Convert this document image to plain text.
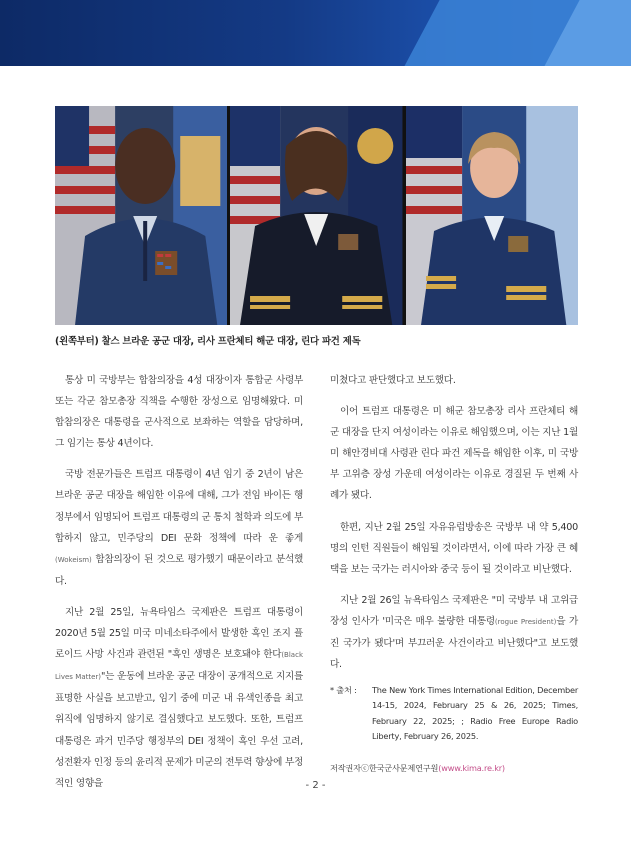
(왼쪽부터) 찰스 브라운 공군 대장, 리사 프란체티 해군 대장, 린다 파건 제독

통상 미 국방부는 합참의장을 4성 대장이자 통합군 사령부 또는 각군 참모총장 직책을 수행한 장성으로 임명해왔다. 미 합참의장은 대통령을 군사적으로 보좌하는 역할을 담당하며, 그 임기는 통상 4년이다.

국방 전문가들은 트럼프 대통령이 4년 임기 중 2년이 남은 브라운 공군 대장을 해임한 이유에 대해, 그가 전임 바이든 행정부에서 임명되어 트럼프 대통령의 군 통치 철학과 의도에 부합하지 않고, 민주당의 DEI 문화 정책에 따라 운 좋게(Wokeism) 합참의장이 된 것으로 평가했기 때문이라고 분석했다.

지난 2월 25일, 뉴욕타임스 국제판은 트럼프 대통령이 2020년 5월 25일 미국 미네소타주에서 발생한 흑인 조지 플로이드 사망 사건과 관련된 "흑인 생명은 보호돼야 한다(Black Lives Matter)"는 운동에 브라운 공군 대장이 공개적으로 지지를 표명한 사실을 보고받고, 임기 중에 미군 내 유색인종을 최고위직에 임명하지 않기로 결심했다고 보도했다. 또한, 트럼프 대통령은 과거 민주당 행정부의 DEI 정책이 흑인 우선 고려, 성전환자 인정 등의 윤리적 문제가 미군의 전투력 향상에 부정적인 영향을

미쳤다고 판단했다고 보도했다.

이어 트럼프 대통령은 미 해군 참모총장 리사 프란체티 해군 대장을 단지 여성이라는 이유로 해임했으며, 이는 지난 1월 미 해안경비대 사령관 린다 파건 제독을 해임한 이후, 미 국방부 고위층 장성 가운데 여성이라는 이유로 경질된 두 번째 사례가 됐다.

한편, 지난 2월 25일 자유유럽방송은 국방부 내 약 5,400명의 인턴 직원들이 해임될 것이라면서, 이에 따라 가장 큰 혜택을 보는 국가는 러시아와 중국 등이 될 것이라고 비난했다.

지난 2월 26일 뉴욕타임스 국제판은 "미 국방부 내 고위급 장성 인사가 '미국은 매우 불량한 대통령(rogue President)을 가진 국가가 됐다'며 부끄러운 사건이라고 비난했다"고 보도했다.

* 출처 :	The New York Times International Edition, December 14-15, 2024, February 25 & 26, 2025; Times, February 22, 2025; ; Radio Free Europe Radio Liberty, February 26, 2025.
저작권자ⓒ한국군사문제연구원(www.kima.re.kr)
- 2 -
